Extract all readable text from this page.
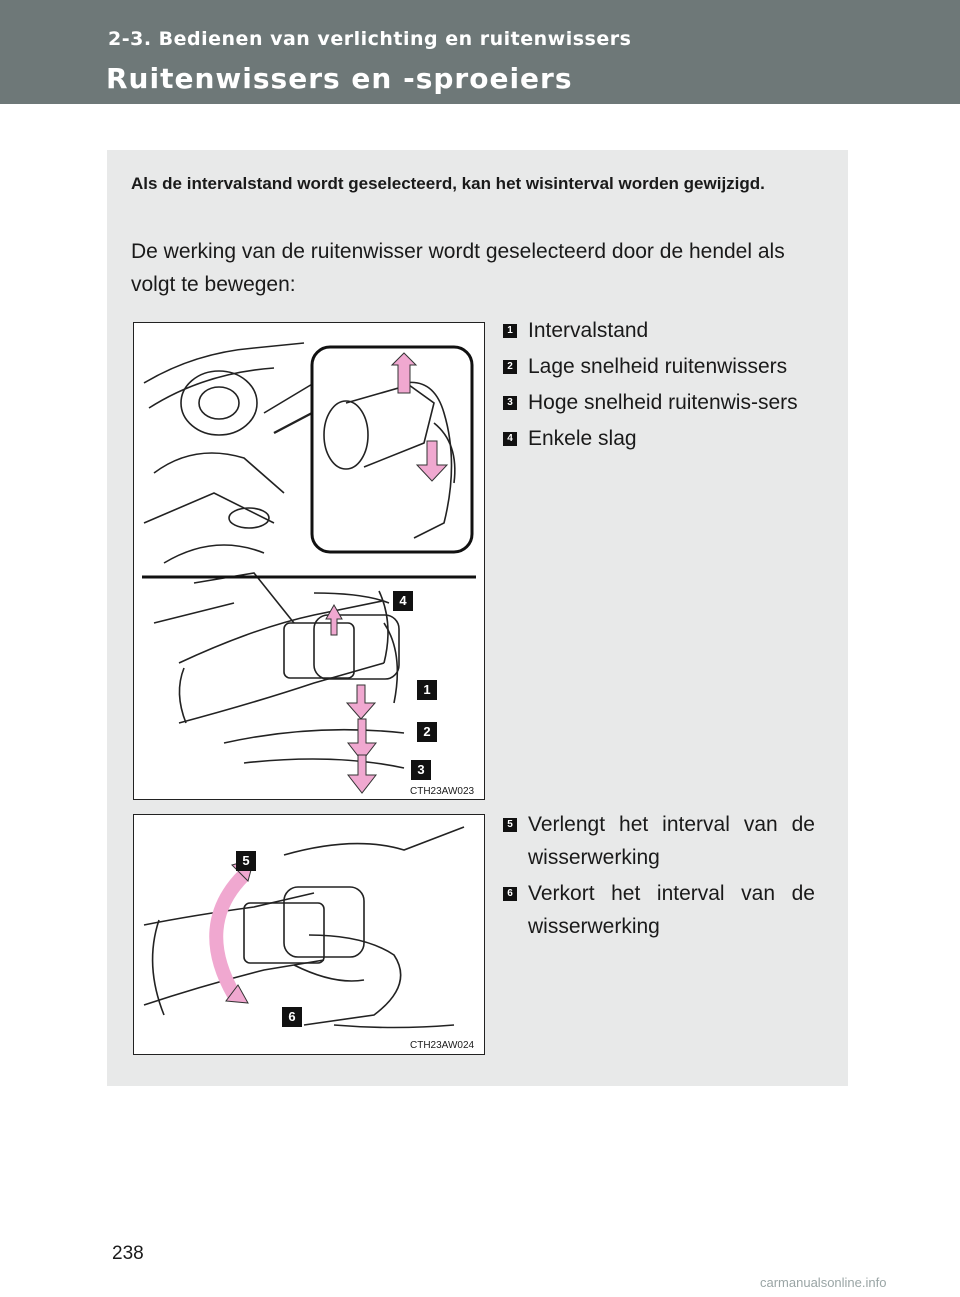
2-3. Bedienen van verlichting en ruitenwissers
Ruitenwissers en -sproeiers
Als de intervalstand wordt geselecteerd, kan het wisinterval worden gewijzigd.
De werking van de ruitenwisser wordt geselecteerd door de hendel als volgt te bewegen:
4
1
2
3
CTH23AW023
5
6
CTH23AW024
1 Intervalstand
2 Lage snelheid ruitenwissers
3 Hoge snelheid ruitenwis-sers
4 Enkele slag
5 Verlengt het interval van de wisserwerking
6 Verkort het interval van de wisserwerking
238
carmanualsonline.info
